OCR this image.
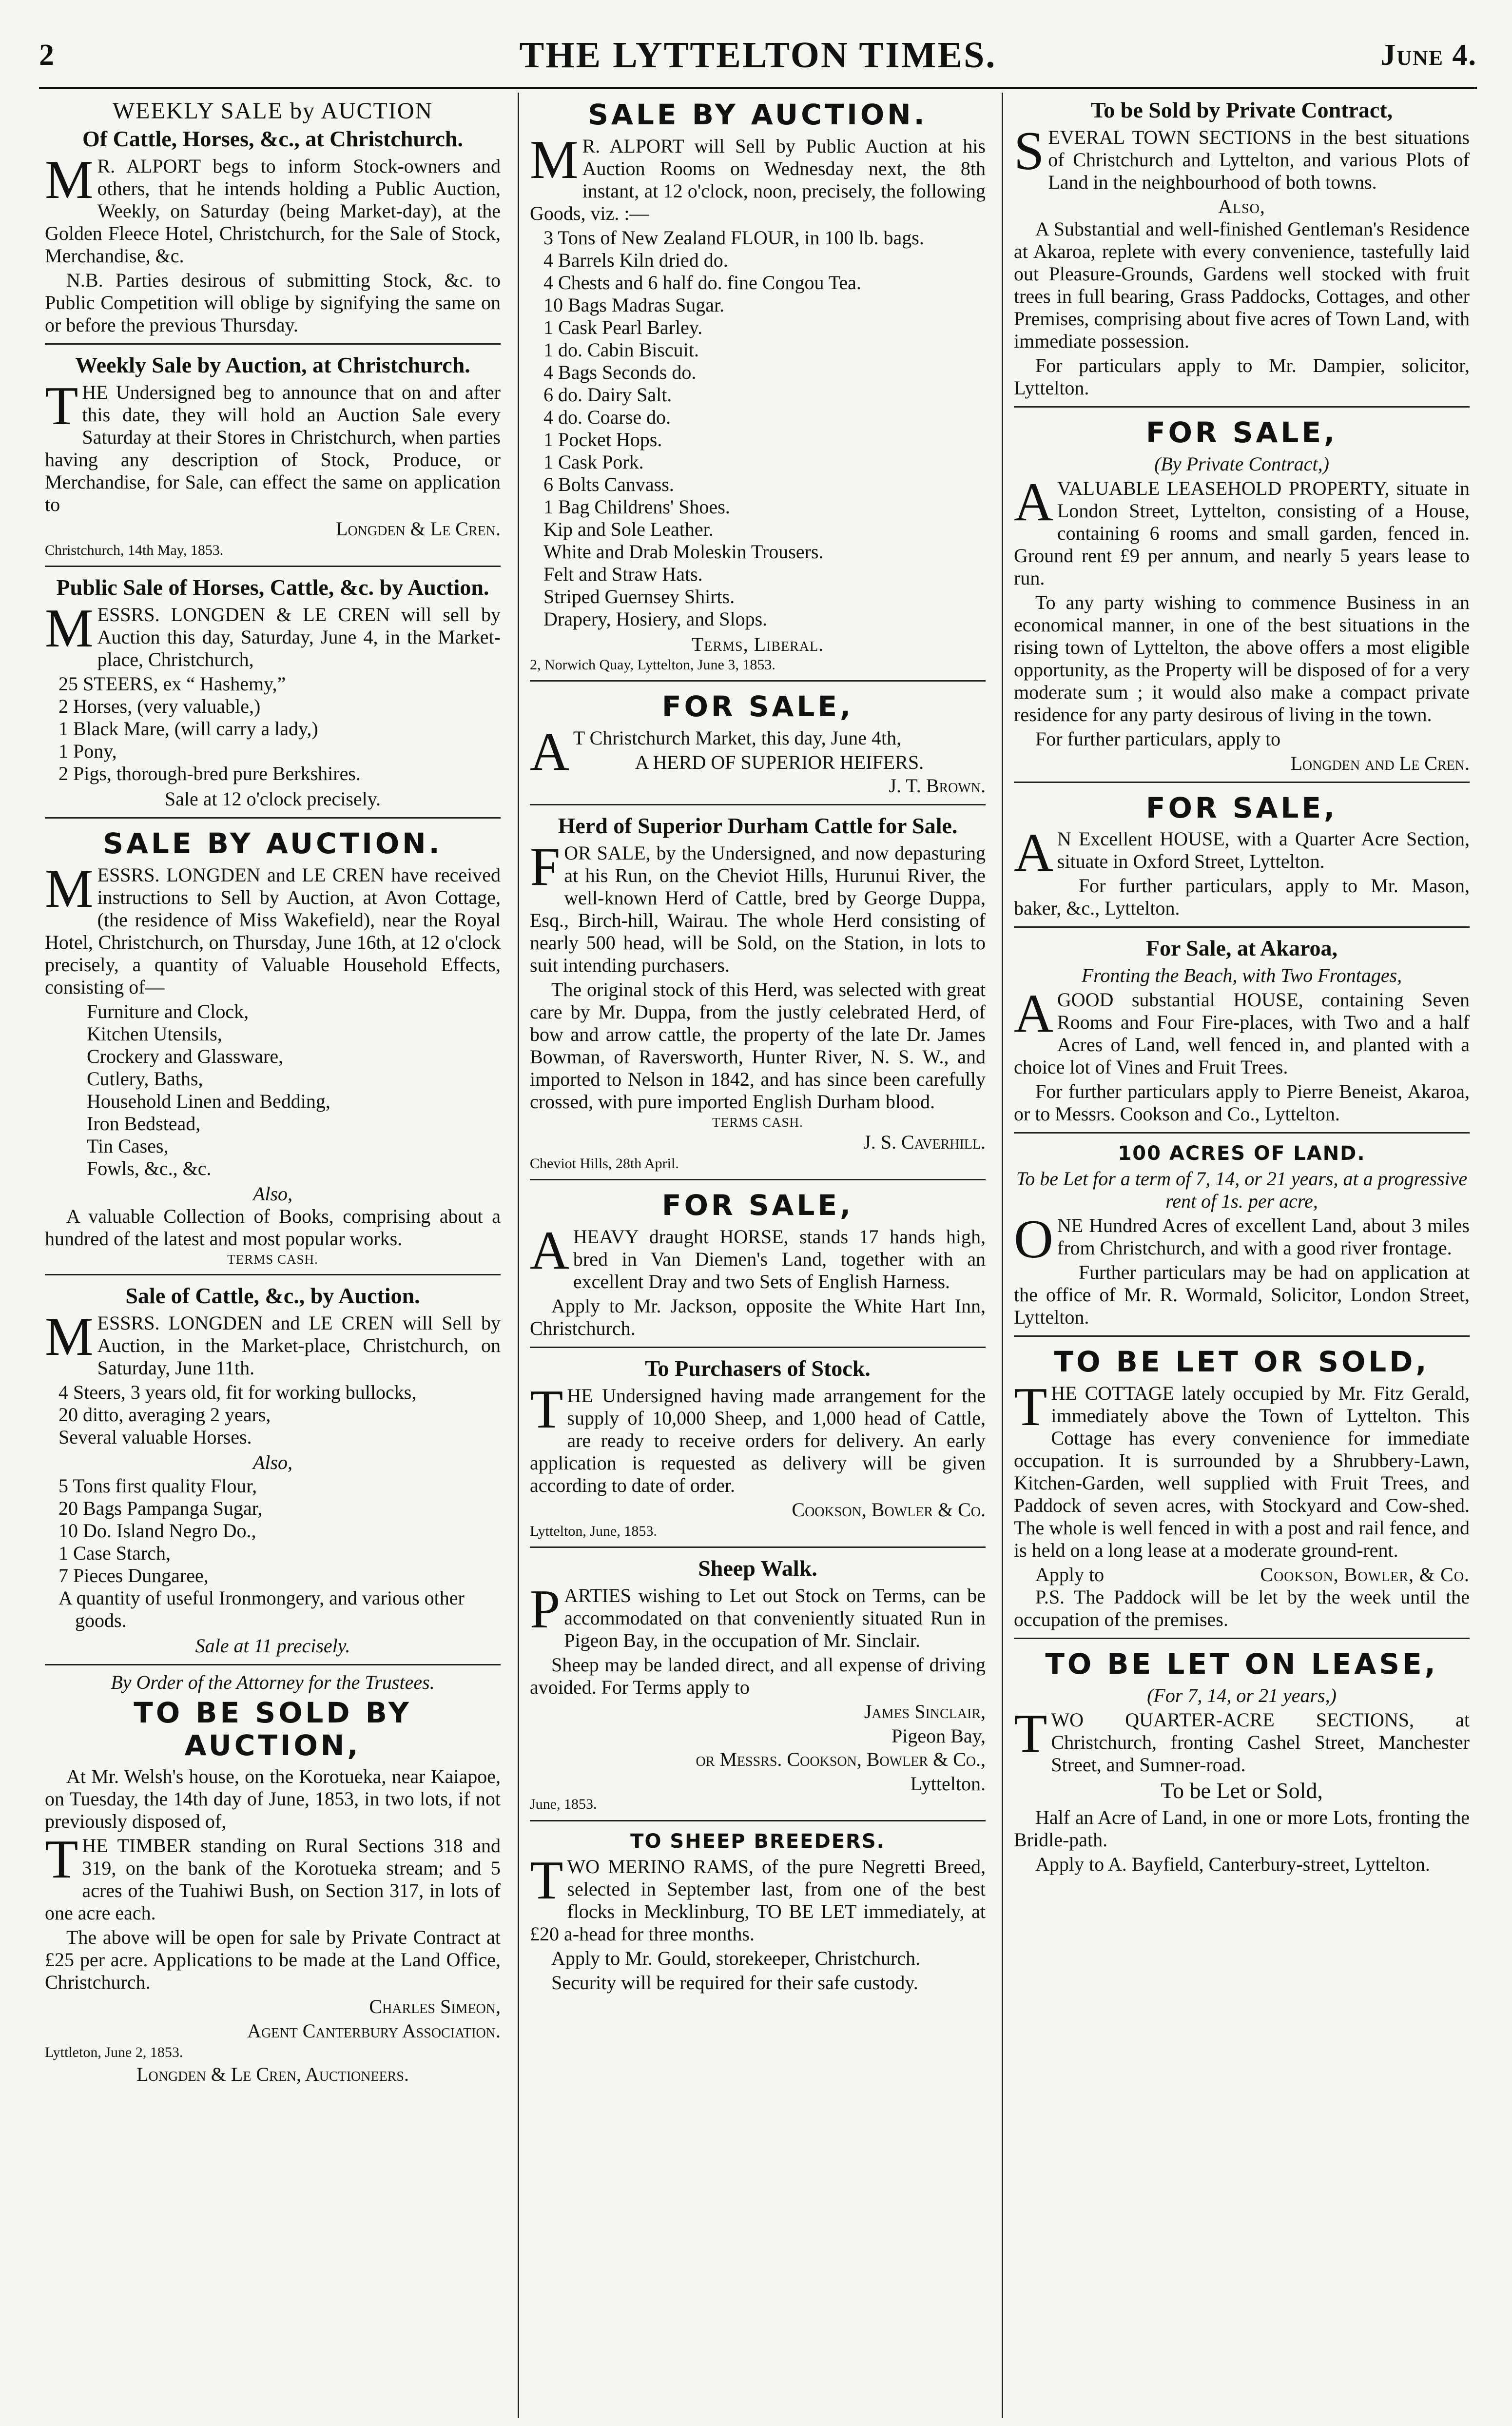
2	THE LYTTELTON TIMES.	June 4.
WEEKLY SALE by AUCTION
Of Cattle, Horses, &c., at Christchurch.

MR. ALPORT begs to inform Stock-owners and others, that he intends holding a Public Auction, Weekly, on Saturday (being Market-day), at the Golden Fleece Hotel, Christchurch, for the Sale of Stock, Merchandise, &c.

N.B. Parties desirous of submitting Stock, &c. to Public Competition will oblige by signifying the same on or before the previous Thursday.

Weekly Sale by Auction, at Christchurch.

THE Undersigned beg to announce that on and after this date, they will hold an Auction Sale every Saturday at their Stores in Christchurch, when parties having any description of Stock, Produce, or Merchandise, for Sale, can effect the same on application to

Longden & Le Cren.
Christchurch, 14th May, 1853.
Public Sale of Horses, Cattle, &c. by Auction.

MESSRS. LONGDEN & LE CREN will sell by Auction this day, Saturday, June 4, in the Market-place, Christchurch,

25 STEERS, ex “ Hashemy,”
2 Horses, (very valuable,)
1 Black Mare, (will carry a lady,)
1 Pony,
2 Pigs, thorough-bred pure Berkshires.
Sale at 12 o'clock precisely.
SALE BY AUCTION.

MESSRS. LONGDEN and LE CREN have received instructions to Sell by Auction, at Avon Cottage, (the residence of Miss Wakefield), near the Royal Hotel, Christchurch, on Thursday, June 16th, at 12 o'clock precisely, a quantity of Valuable Household Effects, consisting of—

Furniture and Clock,
Kitchen Utensils,
Crockery and Glassware,
Cutlery, Baths,
Household Linen and Bedding,
Iron Bedstead,
Tin Cases,
Fowls, &c., &c.
Also,

A valuable Collection of Books, comprising about a hundred of the latest and most popular works.

TERMS CASH.
Sale of Cattle, &c., by Auction.

MESSRS. LONGDEN and LE CREN will Sell by Auction, in the Market-place, Christchurch, on Saturday, June 11th.

4 Steers, 3 years old, fit for working bullocks,
20 ditto, averaging 2 years,
Several valuable Horses.
Also,
5 Tons first quality Flour,
20 Bags Pampanga Sugar,
10 Do. Island Negro Do.,
1 Case Starch,
7 Pieces Dungaree,
A quantity of useful Ironmongery, and various other goods.
Sale at 11 precisely.
By Order of the Attorney for the Trustees.
TO BE SOLD BY AUCTION,

At Mr. Welsh's house, on the Korotueka, near Kaiapoe, on Tuesday, the 14th day of June, 1853, in two lots, if not previously disposed of,

THE TIMBER standing on Rural Sections 318 and 319, on the bank of the Korotueka stream; and 5 acres of the Tuahiwi Bush, on Section 317, in lots of one acre each.

The above will be open for sale by Private Contract at £25 per acre. Applications to be made at the Land Office, Christchurch.

Charles Simeon,
Agent Canterbury Association.
Lyttleton, June 2, 1853.
Longden & Le Cren, Auctioneers.
SALE BY AUCTION.

MR. ALPORT will Sell by Public Auction at his Auction Rooms on Wednesday next, the 8th instant, at 12 o'clock, noon, precisely, the following Goods, viz. :—

3 Tons of New Zealand FLOUR, in 100 lb. bags.
4 Barrels Kiln dried do.
4 Chests and 6 half do. fine Congou Tea.
10 Bags Madras Sugar.
1 Cask Pearl Barley.
1 do. Cabin Biscuit.
4 Bags Seconds do.
6 do. Dairy Salt.
4 do. Coarse do.
1 Pocket Hops.
1 Cask Pork.
6 Bolts Canvass.
1 Bag Childrens' Shoes.
Kip and Sole Leather.
White and Drab Moleskin Trousers.
Felt and Straw Hats.
Striped Guernsey Shirts.
Drapery, Hosiery, and Slops.
Terms, Liberal.
2, Norwich Quay, Lyttelton, June 3, 1853.
FOR SALE,

AT Christchurch Market, this day, June 4th,

A HERD OF SUPERIOR HEIFERS.
J. T. Brown.
Herd of Superior Durham Cattle for Sale.

FOR SALE, by the Undersigned, and now depasturing at his Run, on the Cheviot Hills, Hurunui River, the well-known Herd of Cattle, bred by George Duppa, Esq., Birch-hill, Wairau. The whole Herd consisting of nearly 500 head, will be Sold, on the Station, in lots to suit intending purchasers.

The original stock of this Herd, was selected with great care by Mr. Duppa, from the justly celebrated Herd, of bow and arrow cattle, the property of the late Dr. James Bowman, of Raversworth, Hunter River, N. S. W., and imported to Nelson in 1842, and has since been carefully crossed, with pure imported English Durham blood.

TERMS CASH.
J. S. Caverhill.
Cheviot Hills, 28th April.
FOR SALE,

AHEAVY draught HORSE, stands 17 hands high, bred in Van Diemen's Land, together with an excellent Dray and two Sets of English Harness.

Apply to Mr. Jackson, opposite the White Hart Inn, Christchurch.

To Purchasers of Stock.

THE Undersigned having made arrangement for the supply of 10,000 Sheep, and 1,000 head of Cattle, are ready to receive orders for delivery. An early application is requested as delivery will be given according to date of order.

Cookson, Bowler & Co.
Lyttelton, June, 1853.
Sheep Walk.

PARTIES wishing to Let out Stock on Terms, can be accommodated on that conveniently situated Run in Pigeon Bay, in the occupation of Mr. Sinclair.

Sheep may be landed direct, and all expense of driving avoided. For Terms apply to

James Sinclair,
Pigeon Bay,
or Messrs. Cookson, Bowler & Co.,
Lyttelton.
June, 1853.
TO SHEEP BREEDERS.

TWO MERINO RAMS, of the pure Negretti Breed, selected in September last, from one of the best flocks in Mecklinburg, TO BE LET immediately, at £20 a-head for three months.

Apply to Mr. Gould, storekeeper, Christchurch.

Security will be required for their safe custody.

To be Sold by Private Contract,

SEVERAL TOWN SECTIONS in the best situations of Christchurch and Lyttelton, and various Plots of Land in the neighbourhood of both towns.

Also,

A Substantial and well-finished Gentleman's Residence at Akaroa, replete with every convenience, tastefully laid out Pleasure-Grounds, Gardens well stocked with fruit trees in full bearing, Grass Paddocks, Cottages, and other Premises, comprising about five acres of Town Land, with immediate possession.

For particulars apply to Mr. Dampier, solicitor, Lyttelton.

FOR SALE,
(By Private Contract,)

AVALUABLE LEASEHOLD PROPERTY, situate in London Street, Lyttelton, consisting of a House, containing 6 rooms and small garden, fenced in. Ground rent £9 per annum, and nearly 5 years lease to run.

To any party wishing to commence Business in an economical manner, in one of the best situations in the rising town of Lyttelton, the above offers a most eligible opportunity, as the Property will be disposed of for a very moderate sum ; it would also make a compact private residence for any party desirous of living in the town.

For further particulars, apply to

Longden and Le Cren.
FOR SALE,

AN Excellent HOUSE, with a Quarter Acre Section, situate in Oxford Street, Lyttelton.

For further particulars, apply to Mr. Mason, baker, &c., Lyttelton.

For Sale, at Akaroa,
Fronting the Beach, with Two Frontages,

AGOOD substantial HOUSE, containing Seven Rooms and Four Fire-places, with Two and a half Acres of Land, well fenced in, and planted with a choice lot of Vines and Fruit Trees.

For further particulars apply to Pierre Beneist, Akaroa, or to Messrs. Cookson and Co., Lyttelton.

100 ACRES OF LAND.
To be Let for a term of 7, 14, or 21 years, at a progressive rent of 1s. per acre,

ONE Hundred Acres of excellent Land, about 3 miles from Christchurch, and with a good river frontage.

Further particulars may be had on application at the office of Mr. R. Wormald, Solicitor, London Street, Lyttelton.

TO BE LET OR SOLD,

THE COTTAGE lately occupied by Mr. Fitz Gerald, immediately above the Town of Lyttelton. This Cottage has every convenience for immediate occupation. It is surrounded by a Shrubbery-Lawn, Kitchen-Garden, well supplied with Fruit Trees, and Paddock of seven acres, with Stockyard and Cow-shed. The whole is well fenced in with a post and rail fence, and is held on a long lease at a moderate ground-rent.

Apply to	Cookson, Bowler, & Co.

P.S. The Paddock will be let by the week until the occupation of the premises.

TO BE LET ON LEASE,
(For 7, 14, or 21 years,)

TWO QUARTER-ACRE SECTIONS, at Christchurch, fronting Cashel Street, Manchester Street, and Sumner-road.

To be Let or Sold,

Half an Acre of Land, in one or more Lots, fronting the Bridle-path.

Apply to A. Bayfield, Canterbury-street, Lyttelton.
